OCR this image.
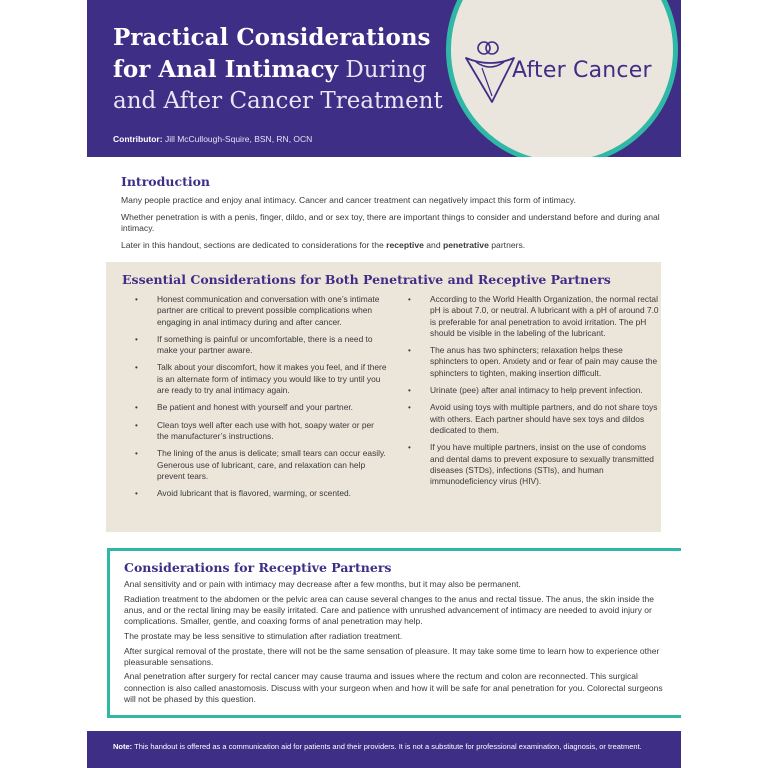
Practical Considerations
for Anal Intimacy During
and After Cancer Treatment
Contributor: Jill McCullough-Squire, BSN, RN, OCN
After Cancer
Introduction

Many people practice and enjoy anal intimacy. Cancer and cancer treatment can negatively impact this form of intimacy.

Whether penetration is with a penis, finger, dildo, and or sex toy, there are important things to consider and understand before and during anal intimacy.

Later in this handout, sections are dedicated to considerations for the receptive and penetrative partners.

Essential Considerations for Both Penetrative and Receptive Partners
• Honest communication and conversation with one’s intimate partner are critical to prevent possible complications when engaging in anal intimacy during and after cancer.
• If something is painful or uncomfortable, there is a need to make your partner aware.
• Talk about your discomfort, how it makes you feel, and if there is an alternate form of intimacy you would like to try until you are ready to try anal intimacy again.
• Be patient and honest with yourself and your partner.
• Clean toys well after each use with hot, soapy water or per the manufacturer’s instructions.
• The lining of the anus is delicate; small tears can occur easily. Generous use of lubricant, care, and relaxation can help prevent tears.
• Avoid lubricant that is flavored, warming, or scented.
• According to the World Health Organization, the normal rectal pH is about 7.0, or neutral. A lubricant with a pH of around 7.0 is preferable for anal penetration to avoid irritation. The pH should be visible in the labeling of the lubricant.
• The anus has two sphincters; relaxation helps these sphincters to open. Anxiety and or fear of pain may cause the sphincters to tighten, making insertion difficult.
• Urinate (pee) after anal intimacy to help prevent infection.
• Avoid using toys with multiple partners, and do not share toys with others. Each partner should have sex toys and dildos dedicated to them.
• If you have multiple partners, insist on the use of condoms and dental dams to prevent exposure to sexually transmitted diseases (STDs), infections (STIs), and human immunodeficiency virus (HIV).
Considerations for Receptive Partners

Anal sensitivity and or pain with intimacy may decrease after a few months, but it may also be permanent.

Radiation treatment to the abdomen or the pelvic area can cause several changes to the anus and rectal tissue. The anus, the skin inside the anus, and or the rectal lining may be easily irritated. Care and patience with unrushed advancement of intimacy are needed to avoid injury or complications. Smaller, gentle, and coaxing forms of anal penetration may help.

The prostate may be less sensitive to stimulation after radiation treatment.

After surgical removal of the prostate, there will not be the same sensation of pleasure. It may take some time to learn how to experience other pleasurable sensations.

Anal penetration after surgery for rectal cancer may cause trauma and issues where the rectum and colon are reconnected. This surgical connection is also called anastomosis. Discuss with your surgeon when and how it will be safe for anal penetration for you. Colorectal surgeons will not be phased by this question.

Note: This handout is offered as a communication aid for patients and their providers. It is not a substitute for professional examination, diagnosis, or treatment.
